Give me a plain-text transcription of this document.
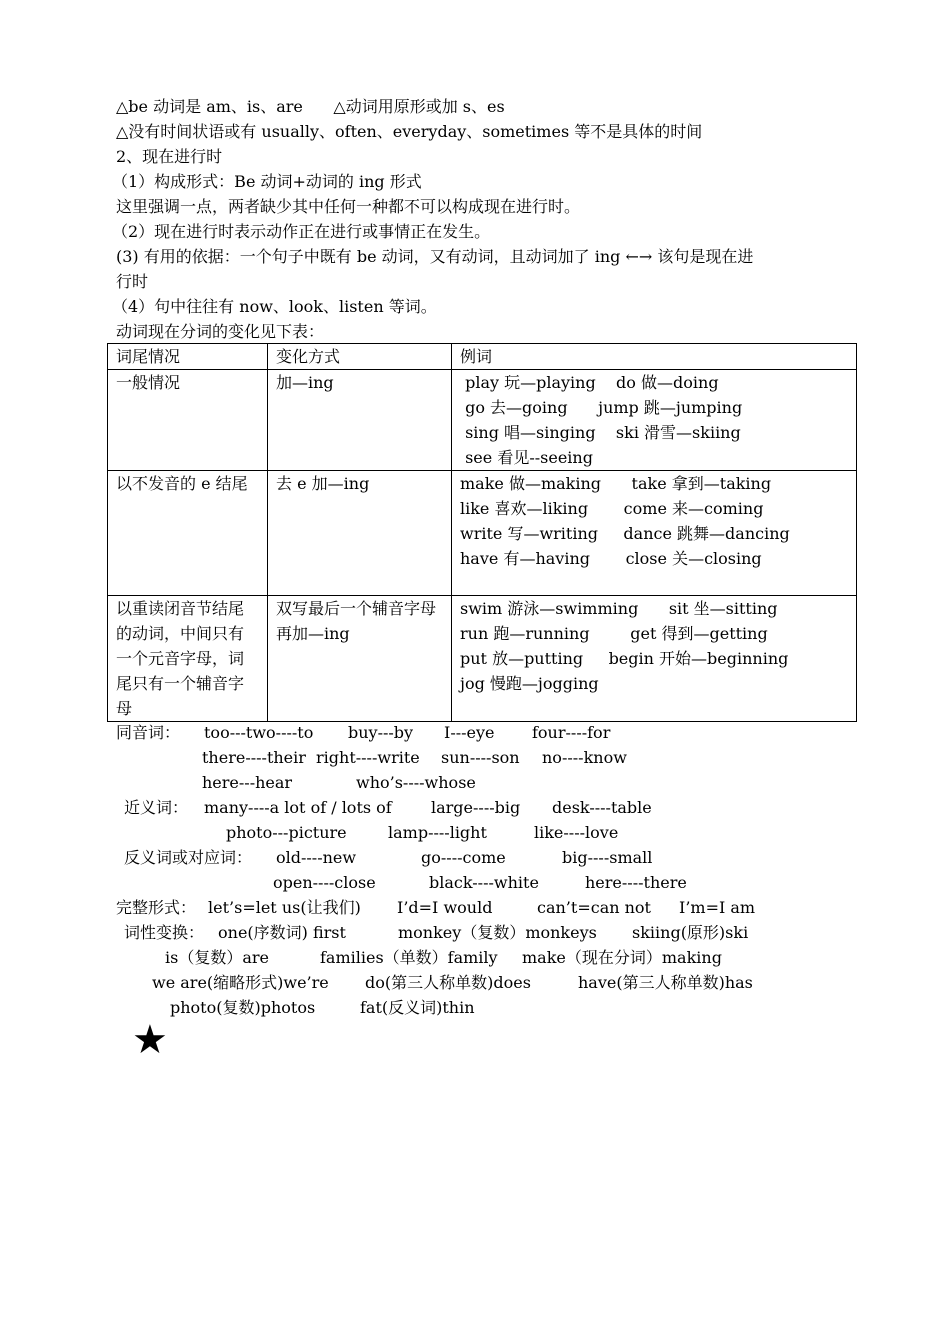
△be 动词是 am、is、are      △动词用原形或加 s、es
△没有时间状语或有 usually、often、everyday、sometimes 等不是具体的时间
2、现在进行时
（1）构成形式：Be 动词+动词的 ing 形式
这里强调一点，两者缺少其中任何一种都不可以构成现在进行时。
（2）现在进行时表示动作正在进行或事情正在发生。
(3) 有用的依据：一个句子中既有 be 动词，又有动词，且动词加了 ing ←→ 该句是现在进
行时
（4）句中往往有 now、look、listen 等词。
动词现在分词的变化见下表：
词尾情况	变化方式	例词
一般情况	加—ing	play 玩—playing    do 做—doing
go 去—going      jump 跳—jumping
sing 唱—singing    ski 滑雪—skiing
see 看见--seeing

以不发音的 e 结尾	去 e 加—ing	make 做—making      take 拿到—taking
like 喜欢—liking       come 来—coming
write 写—writing     dance 跳舞—dancing
have 有—having       close 关—closing

以重读闭音节结尾的动词，中间只有一个元音字母，词尾只有一个辅音字母	双写最后一个辅音字母再加—ing	swim 游泳—swimming      sit 坐—sitting
run 跑—running        get 得到—getting
put 放—putting     begin 开始—beginning
jog 慢跑—jogging
同音词： too---two----to buy---by I---eye four----for
there----their right----write sun----son no----know
here---hear	who’s----whose
近义词： many----a lot of / lots of large----big desk----table
photo---picture	lamp----light	like----love
反义词或对应词： old----new	go----come	big----small
open----close	black----white	here----there
完整形式： let’s=let us(让我们) I’d=I would	can’t=can not I’m=I am
词性变换： one(序数词) first	monkey（复数）monkeys skiing(原形)ski
is（复数）are	families（单数）family make（现在分词）making
we are(缩略形式)we’re do(第三人称单数)does	have(第三人称单数)has
photo(复数)photos	fat(反义词)thin
★
